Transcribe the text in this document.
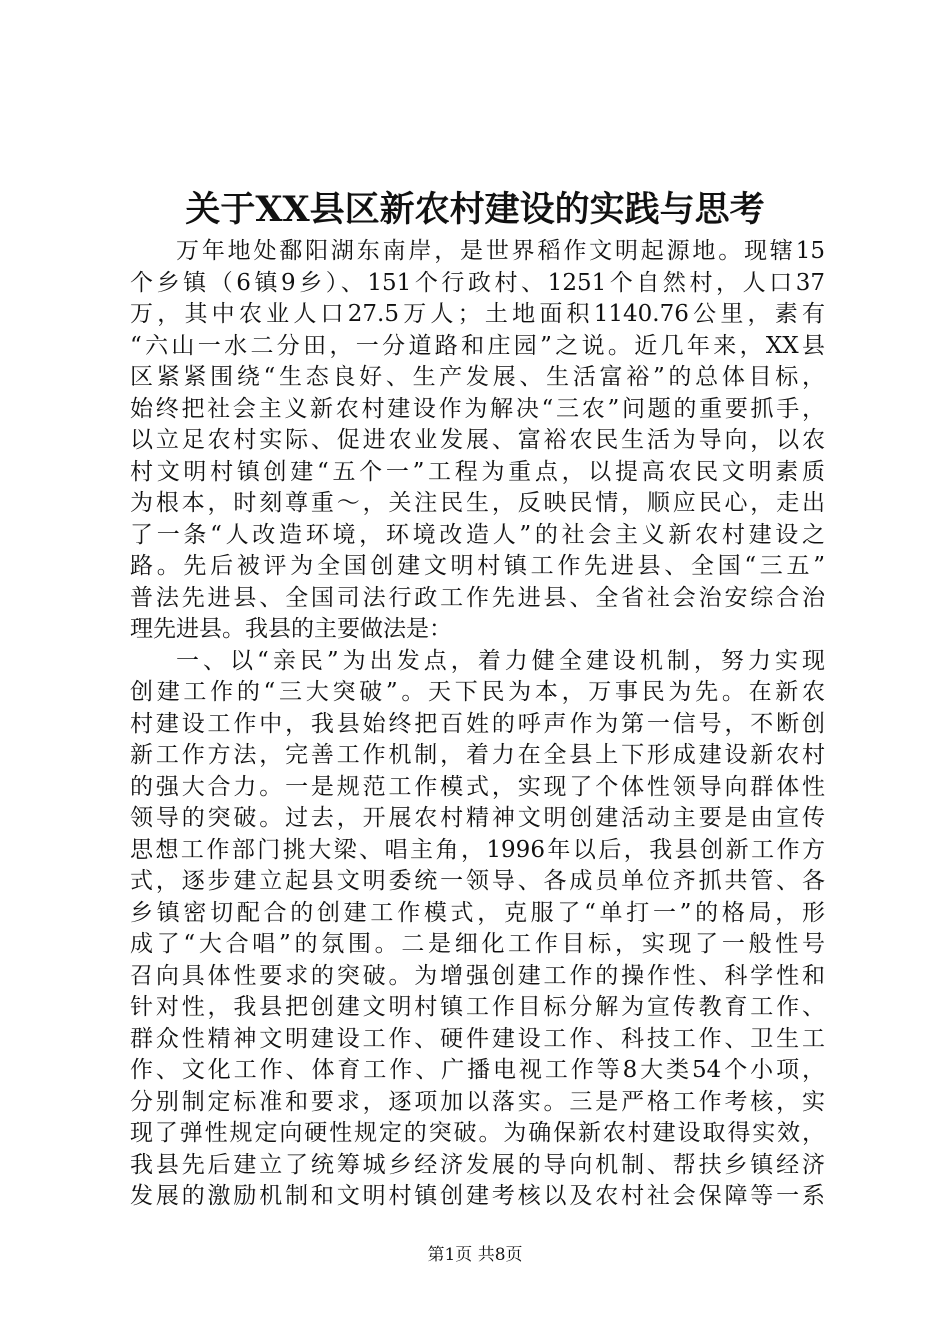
关于XX县区新农村建设的实践与思考
万年地处鄱阳湖东南岸，是世界稻作文明起源地。现辖15
个乡镇（6镇9乡）、151个行政村、1251个自然村，人口37
万，其中农业人口27.5万人；土地面积1140.76公里，素有
“六山一水二分田，一分道路和庄园”之说。近几年来，XX县
区紧紧围绕“生态良好、生产发展、生活富裕”的总体目标，
始终把社会主义新农村建设作为解决“三农”问题的重要抓手，
以立足农村实际、促进农业发展、富裕农民生活为导向，以农
村文明村镇创建“五个一”工程为重点，以提高农民文明素质
为根本，时刻尊重～，关注民生，反映民情，顺应民心，走出
了一条“人改造环境，环境改造人”的社会主义新农村建设之
路。先后被评为全国创建文明村镇工作先进县、全国“三五”
普法先进县、全国司法行政工作先进县、全省社会治安综合治
理先进县。我县的主要做法是：
一、以“亲民”为出发点，着力健全建设机制，努力实现
创建工作的“三大突破”。天下民为本，万事民为先。在新农
村建设工作中，我县始终把百姓的呼声作为第一信号，不断创
新工作方法，完善工作机制，着力在全县上下形成建设新农村
的强大合力。一是规范工作模式，实现了个体性领导向群体性
领导的突破。过去，开展农村精神文明创建活动主要是由宣传
思想工作部门挑大梁、唱主角，1996年以后，我县创新工作方
式，逐步建立起县文明委统一领导、各成员单位齐抓共管、各
乡镇密切配合的创建工作模式，克服了“单打一”的格局，形
成了“大合唱”的氛围。二是细化工作目标，实现了一般性号
召向具体性要求的突破。为增强创建工作的操作性、科学性和
针对性，我县把创建文明村镇工作目标分解为宣传教育工作、
群众性精神文明建设工作、硬件建设工作、科技工作、卫生工
作、文化工作、体育工作、广播电视工作等8大类54个小项，
分别制定标准和要求，逐项加以落实。三是严格工作考核，实
现了弹性规定向硬性规定的突破。为确保新农村建设取得实效，
我县先后建立了统筹城乡经济发展的导向机制、帮扶乡镇经济
发展的激励机制和文明村镇创建考核以及农村社会保障等一系
第1页 共8页
